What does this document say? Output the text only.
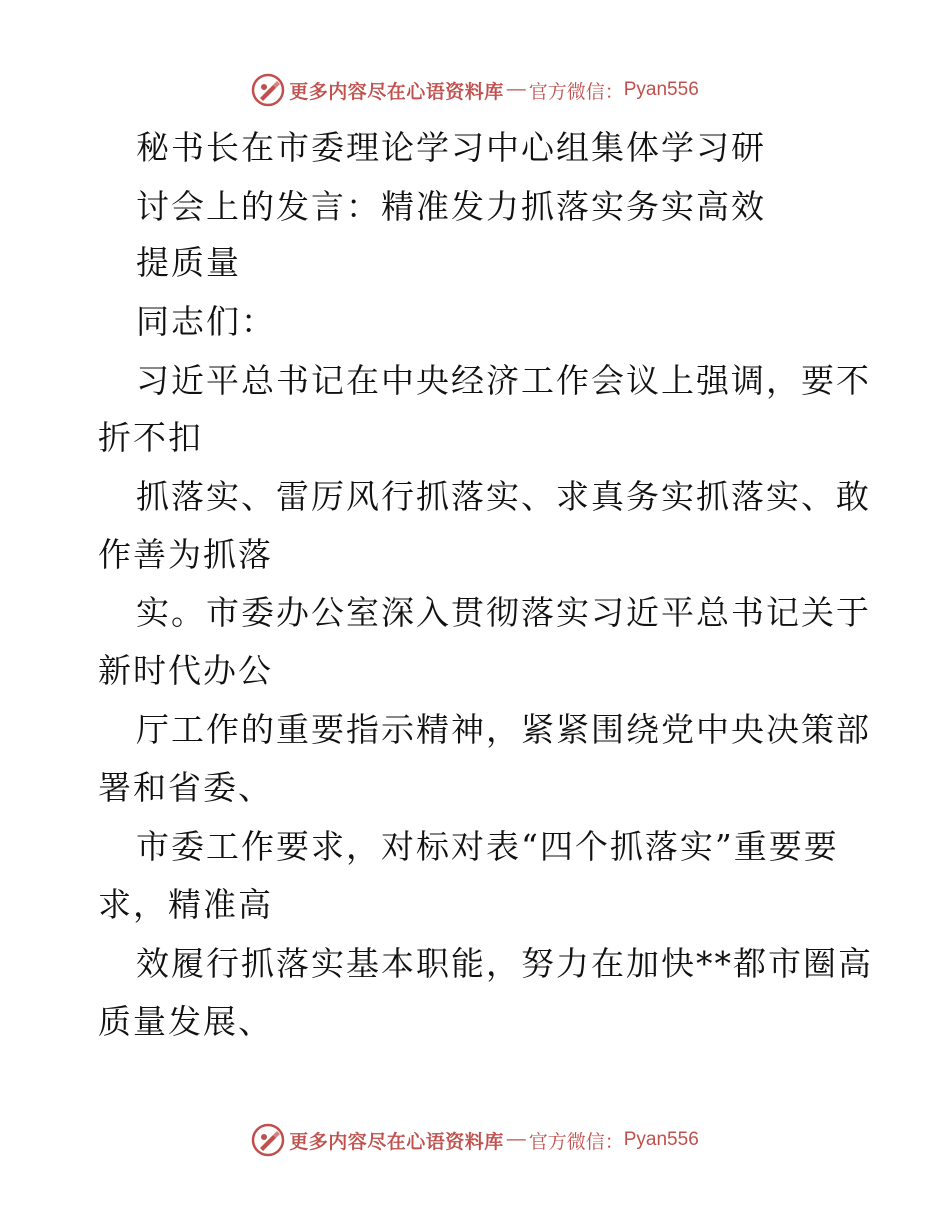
更多内容尽在心语资料库 — 官方微信： Pyan556
秘书长在市委理论学习中心组集体学习研
讨会上的发言：精准发力抓落实务实高效
提质量
同志们：
习近平总书记在中央经济工作会议上强调，要不
折不扣
抓落实、雷厉风行抓落实、求真务实抓落实、敢
作善为抓落
实。市委办公室深入贯彻落实习近平总书记关于
新时代办公
厅工作的重要指示精神，紧紧围绕党中央决策部
署和省委、
市委工作要求，对标对表“四个抓落实”重要要
求，精准高
效履行抓落实基本职能，努力在加快**都市圈高
质量发展、
更多内容尽在心语资料库 — 官方微信： Pyan556
